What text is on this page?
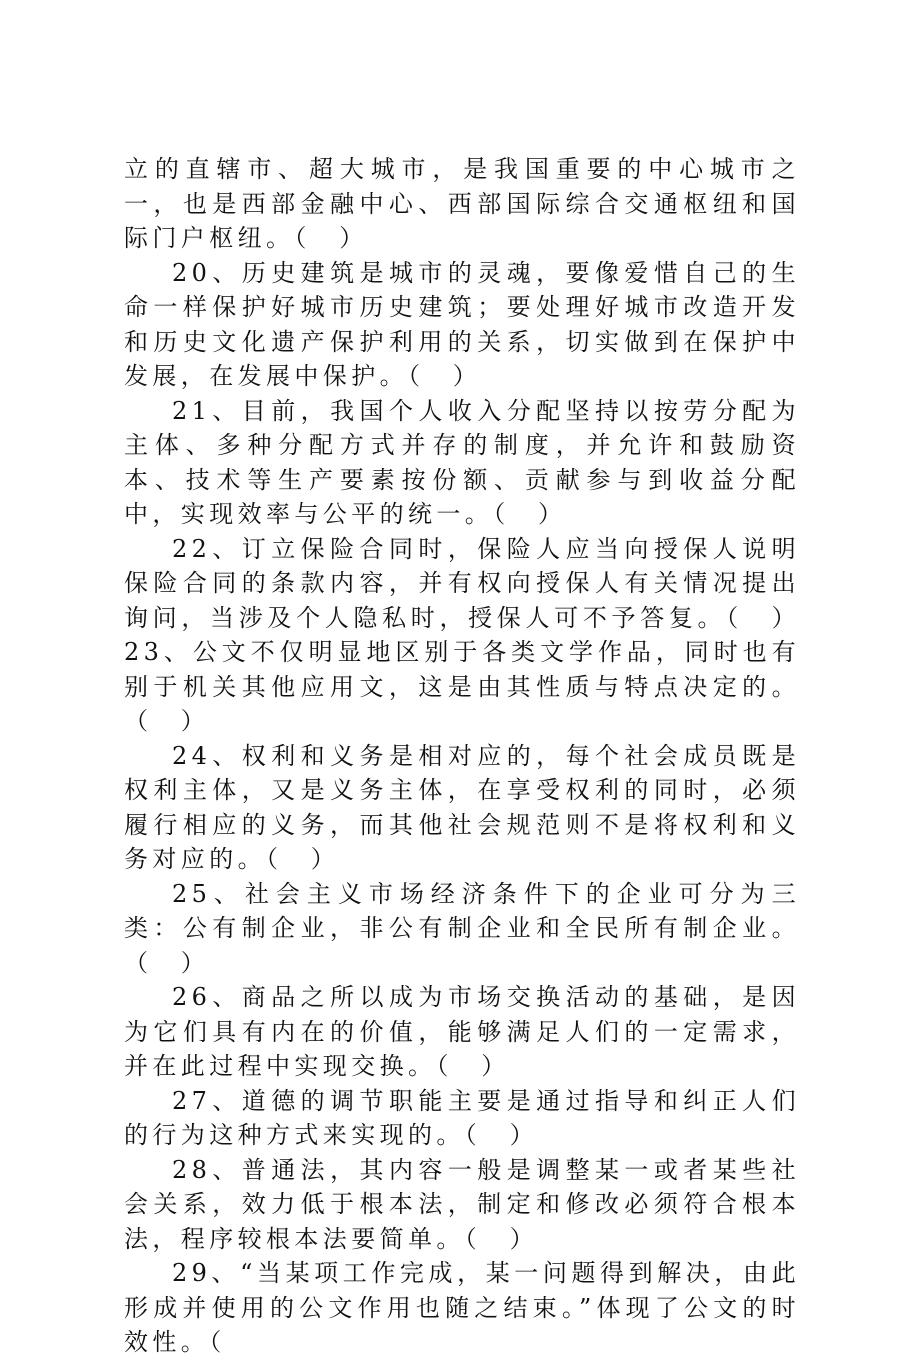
立的直辖市、超大城市，是我国重要的中心城市之一，也是西部金融中心、西部国际综合交通枢纽和国际门户枢纽。（　）

20、历史建筑是城市的灵魂，要像爱惜自己的生命一样保护好城市历史建筑；要处理好城市改造开发和历史文化遗产保护利用的关系，切实做到在保护中发展，在发展中保护。（　）

21、目前，我国个人收入分配坚持以按劳分配为主体、多种分配方式并存的制度，并允许和鼓励资本、技术等生产要素按份额、贡献参与到收益分配中，实现效率与公平的统一。（　）

22、订立保险合同时，保险人应当向授保人说明保险合同的条款内容，并有权向授保人有关情况提出询问，当涉及个人隐私时，授保人可不予答复。（　）23、公文不仅明显地区别于各类文学作品，同时也有别于机关其他应用文，这是由其性质与特点决定的。（　）

24、权利和义务是相对应的，每个社会成员既是权利主体，又是义务主体，在享受权利的同时，必须履行相应的义务，而其他社会规范则不是将权利和义务对应的。（　）

25、社会主义市场经济条件下的企业可分为三类：公有制企业，非公有制企业和全民所有制企业。（　）

26、商品之所以成为市场交换活动的基础，是因为它们具有内在的价值，能够满足人们的一定需求，并在此过程中实现交换。（　）

27、道德的调节职能主要是通过指导和纠正人们的行为这种方式来实现的。（　）

28、普通法，其内容一般是调整某一或者某些社会关系，效力低于根本法，制定和修改必须符合根本法，程序较根本法要简单。（　）

29、“当某项工作完成，某一问题得到解决，由此形成并使用的公文作用也随之结束。”体现了公文的时效性。（
